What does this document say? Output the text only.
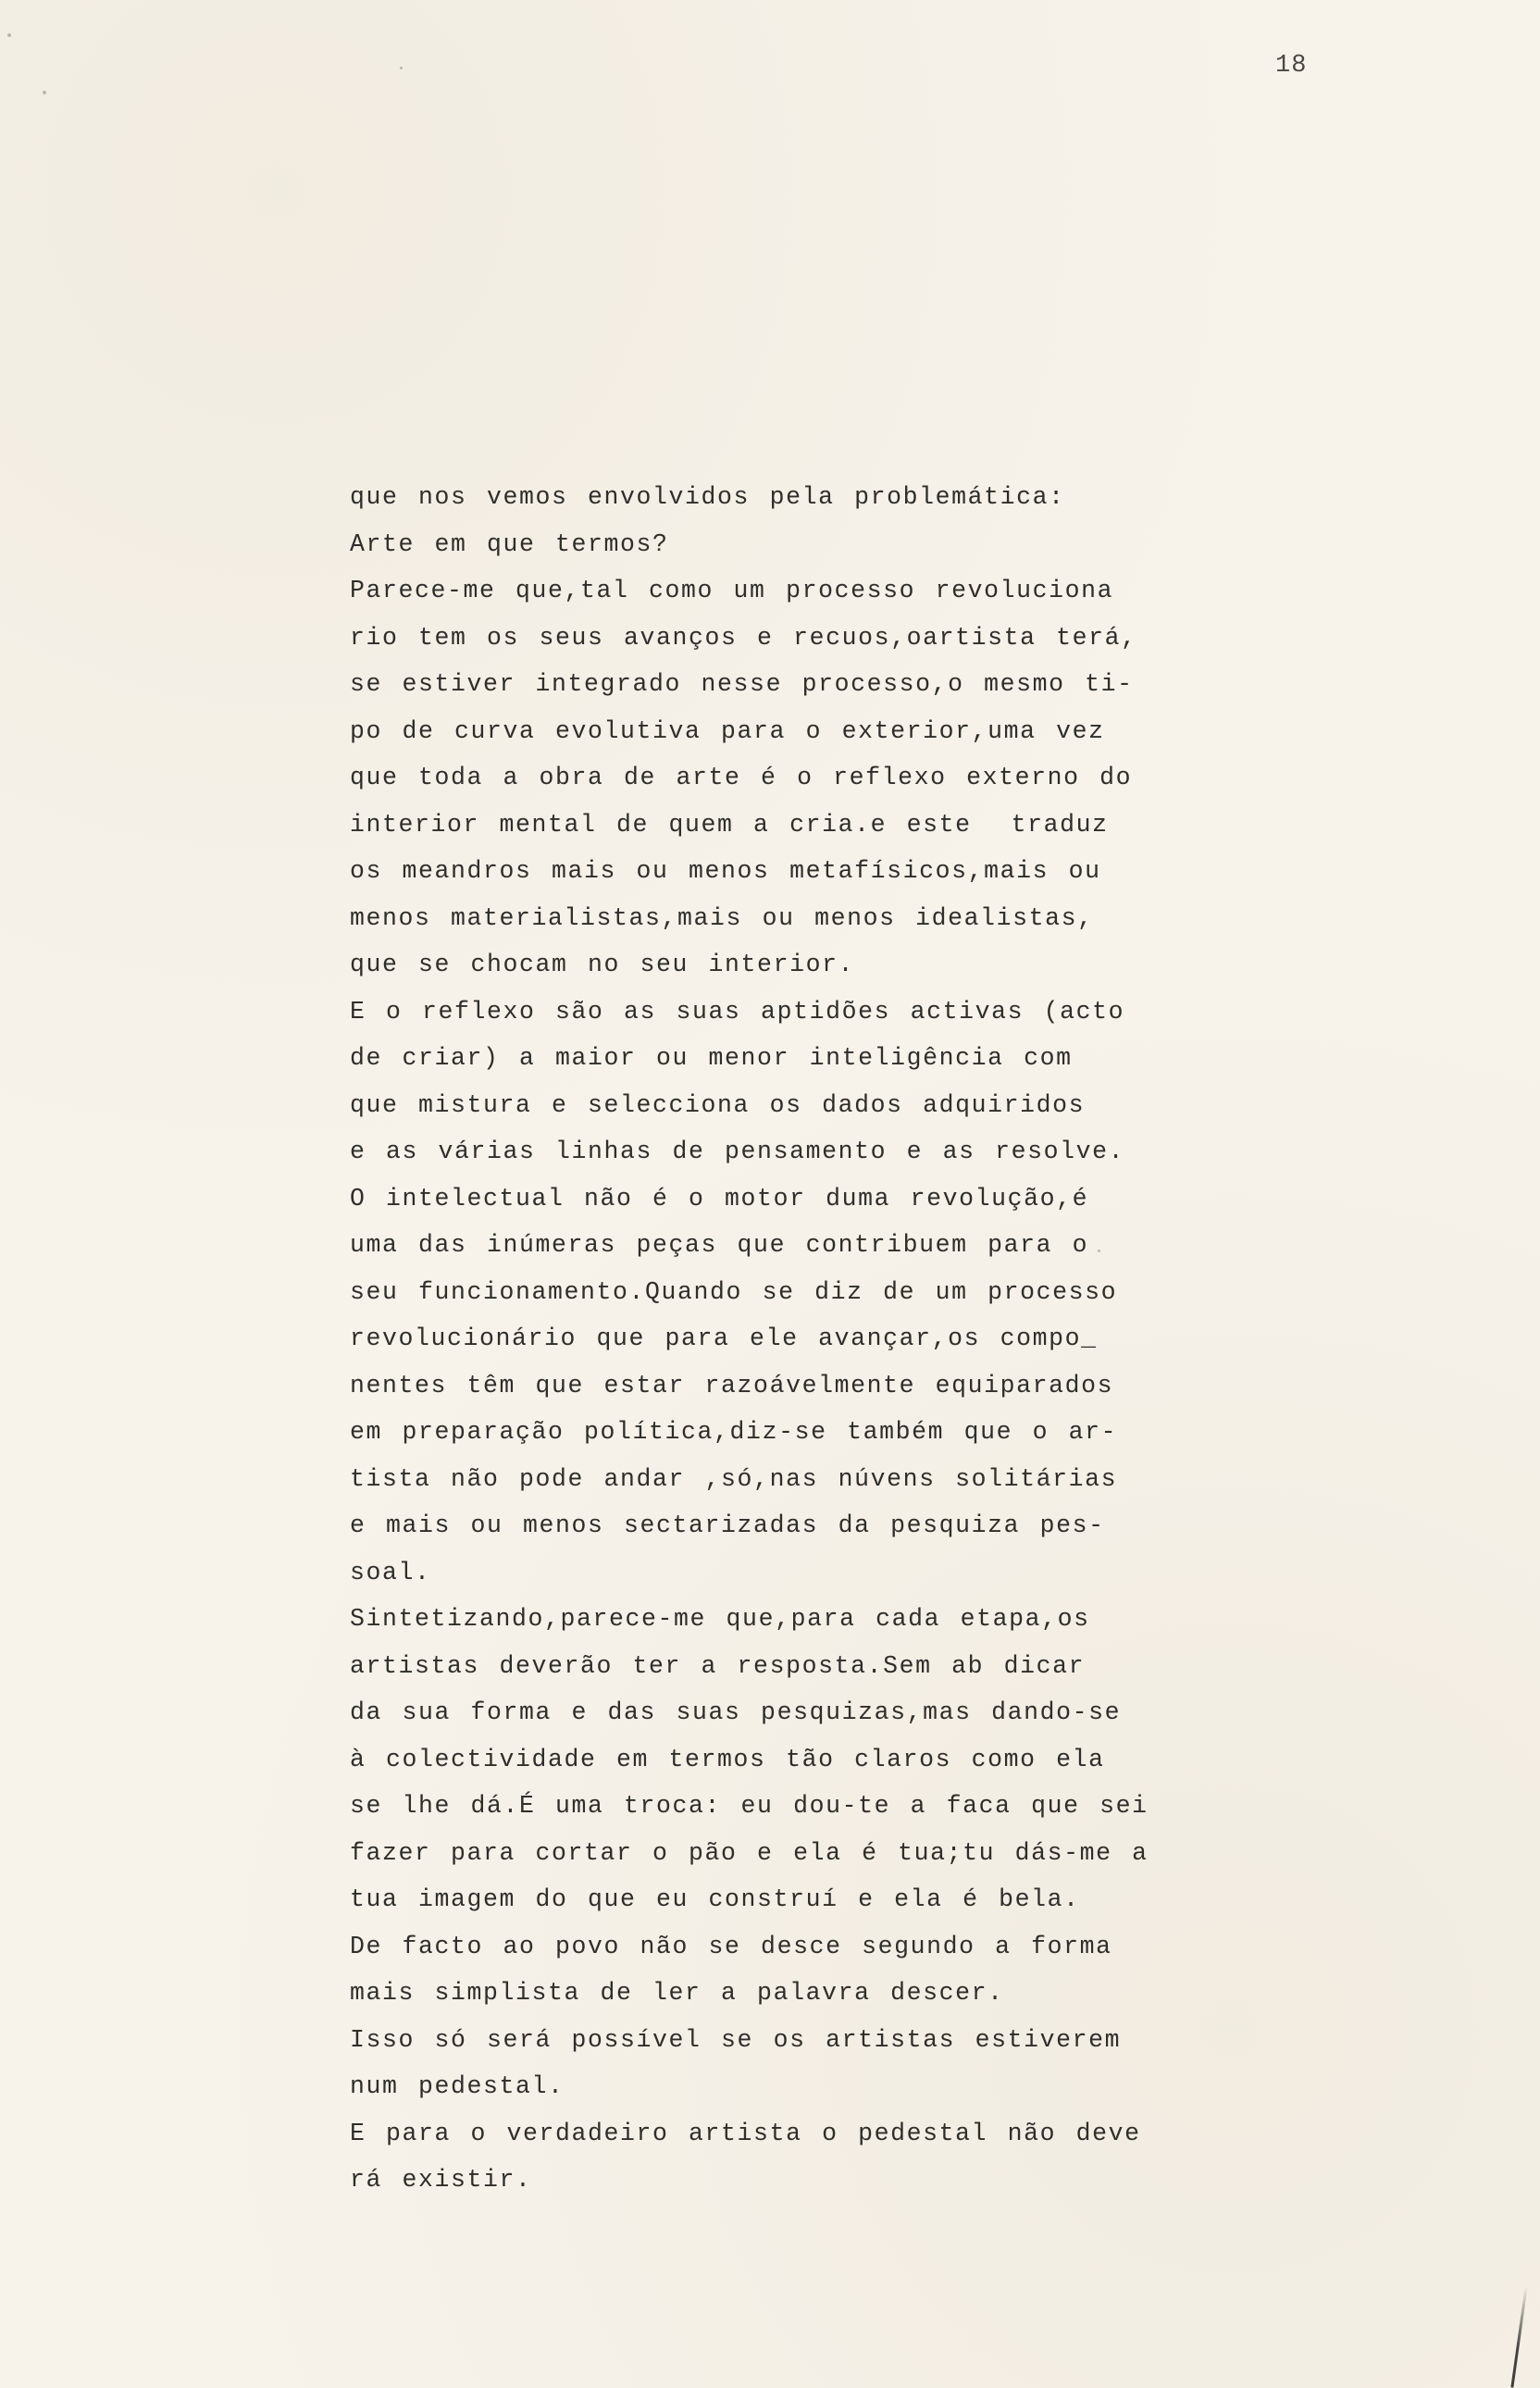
18

que nos vemos envolvidos pela problemática:
Arte em que termos?
Parece-me que,tal como um processo revoluciona
rio tem os seus avanços e recuos,oartista terá,
se estiver integrado nesse processo,o mesmo ti-
po de curva evolutiva para o exterior,uma vez
que toda a obra de arte é o reflexo externo do
interior mental de quem a cria.e este  traduz
os meandros mais ou menos metafísicos,mais ou
menos materialistas,mais ou menos idealistas,
que se chocam no seu interior.
E o reflexo são as suas aptidões activas (acto
de criar) a maior ou menor inteligência com
que mistura e selecciona os dados adquiridos
e as várias linhas de pensamento e as resolve.
O intelectual não é o motor duma revolução,é
uma das inúmeras peças que contribuem para o
seu funcionamento.Quando se diz de um processo
revolucionário que para ele avançar,os compo_
nentes têm que estar razoávelmente equiparados
em preparação política,diz-se também que o ar-
tista não pode andar ,só,nas núvens solitárias
e mais ou menos sectarizadas da pesquiza pes-
soal.
Sintetizando,parece-me que,para cada etapa,os
artistas deverão ter a resposta.Sem ab dicar
da sua forma e das suas pesquizas,mas dando-se
à colectividade em termos tão claros como ela
se lhe dá.É uma troca: eu dou-te a faca que sei
fazer para cortar o pão e ela é tua;tu dás-me a
tua imagem do que eu construí e ela é bela.
De facto ao povo não se desce segundo a forma
mais simplista de ler a palavra descer.
Isso só será possível se os artistas estiverem
num pedestal.
E para o verdadeiro artista o pedestal não deve
rá existir.
